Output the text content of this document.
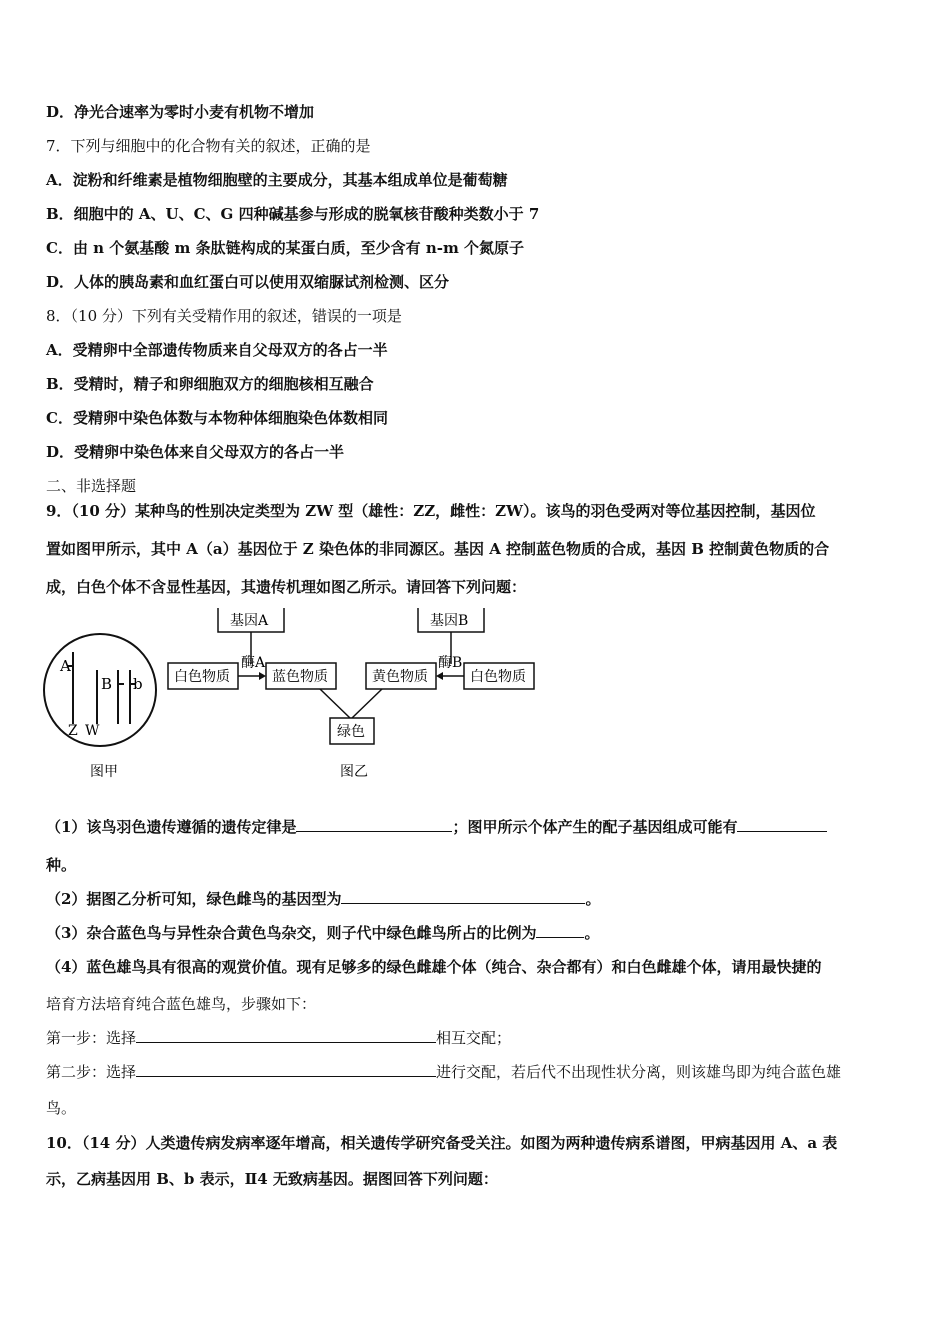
D．净光合速率为零时小麦有机物不增加
7．下列与细胞中的化合物有关的叙述，正确的是
A．淀粉和纤维素是植物细胞壁的主要成分，其基本组成单位是葡萄糖
B．细胞中的 A、U、C、G 四种碱基参与形成的脱氧核苷酸种类数小于 7
C．由 n 个氨基酸 m 条肽链构成的某蛋白质，至少含有 n-m 个氮原子
D．人体的胰岛素和血红蛋白可以使用双缩脲试剂检测、区分
8．（10 分）下列有关受精作用的叙述，错误的一项是
A．受精卵中全部遗传物质来自父母双方的各占一半
B．受精时，精子和卵细胞双方的细胞核相互融合
C．受精卵中染色体数与本物种体细胞染色体数相同
D．受精卵中染色体来自父母双方的各占一半
二、非选择题
9．（10 分）某种鸟的性别决定类型为 ZW 型（雄性：ZZ，雌性：ZW）。该鸟的羽色受两对等位基因控制，基因位
置如图甲所示，其中 A（a）基因位于 Z 染色体的非同源区。基因 A 控制蓝色物质的合成，基因 B 控制黄色物质的合
成，白色个体不含显性基因，其遗传机理如图乙所示。请回答下列问题：
A
B b
Z W
图甲
基因A
酶A
基因B
酶B
白色物质	蓝色物质	黄色物质	白色物质
绿色
图乙
（1）该鸟羽色遗传遵循的遗传定律是	；图甲所示个体产生的配子基因组成可能有
种。
（2）据图乙分析可知，绿色雌鸟的基因型为	。
（3）杂合蓝色鸟与异性杂合黄色鸟杂交，则子代中绿色雌鸟所占的比例为	。
（4）蓝色雄鸟具有很高的观赏价值。现有足够多的绿色雌雄个体（纯合、杂合都有）和白色雌雄个体，请用最快捷的
培育方法培育纯合蓝色雄鸟，步骤如下：
第一步：选择	相互交配；
第二步：选择	进行交配，若后代不出现性状分离，则该雄鸟即为纯合蓝色雄
鸟。
10．（14 分）人类遗传病发病率逐年增高，相关遗传学研究备受关注。如图为两种遗传病系谱图，甲病基因用 A、a 表
示，乙病基因用 B、b 表示，Ⅱ4 无致病基因。据图回答下列问题：
